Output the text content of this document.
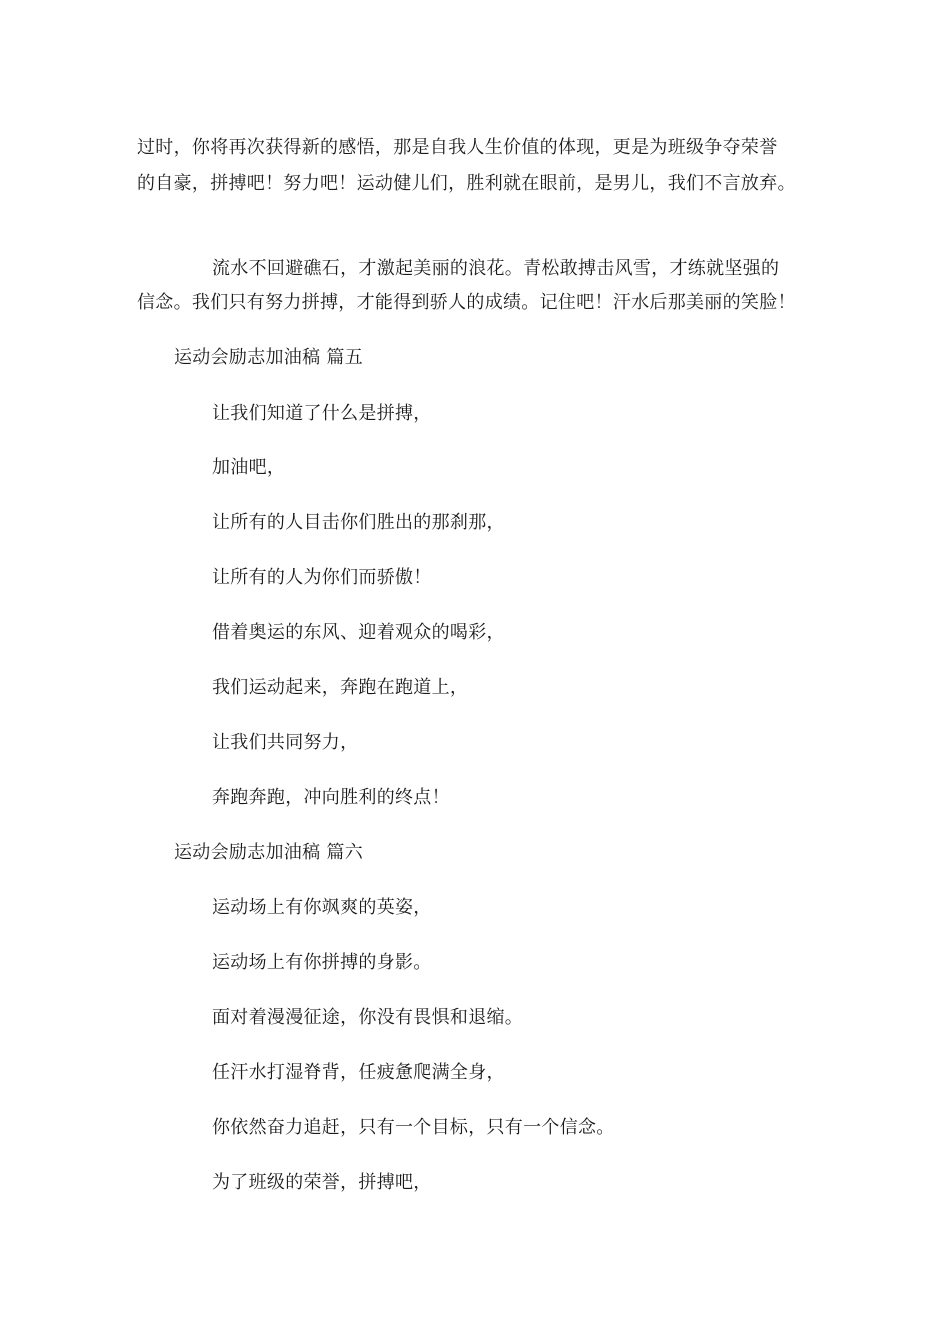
过时，你将再次获得新的感悟，那是自我人生价值的体现，更是为班级争夺荣誉
的自豪，拼搏吧！努力吧！运动健儿们，胜利就在眼前，是男儿，我们不言放弃。
流水不回避礁石，才激起美丽的浪花。青松敢搏击风雪，才练就坚强的
信念。我们只有努力拼搏，才能得到骄人的成绩。记住吧！汗水后那美丽的笑脸！
运动会励志加油稿 篇五
让我们知道了什么是拼搏，
加油吧，
让所有的人目击你们胜出的那刹那，
让所有的人为你们而骄傲！
借着奥运的东风、迎着观众的喝彩，
我们运动起来，奔跑在跑道上，
让我们共同努力，
奔跑奔跑，冲向胜利的终点！
运动会励志加油稿 篇六
运动场上有你飒爽的英姿，
运动场上有你拼搏的身影。
面对着漫漫征途，你没有畏惧和退缩。
任汗水打湿脊背，任疲惫爬满全身，
你依然奋力追赶，只有一个目标，只有一个信念。
为了班级的荣誉，拼搏吧，
